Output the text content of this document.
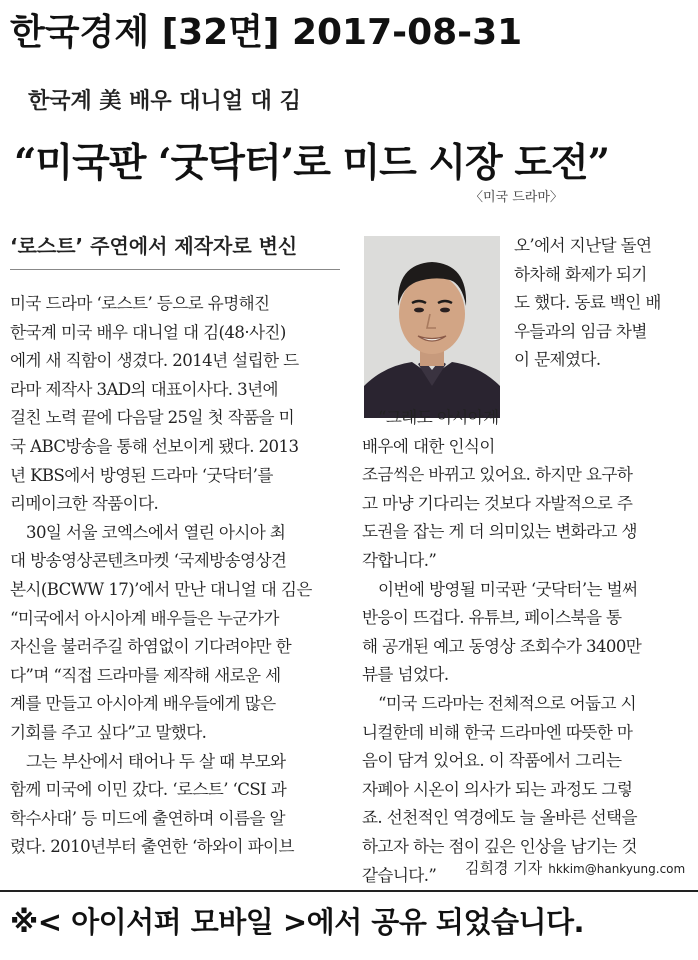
한국경제 [32면] 2017-08-31
한국계 美 배우 대니얼 대 김
“미국판 ‘굿닥터’로 미드 시장 도전”
〈미국 드라마〉
‘로스트’ 주연에서 제작자로 변신
미국 드라마 ‘로스트’ 등으로 유명해진
한국계 미국 배우 대니얼 대 김(48·사진)
에게 새 직함이 생겼다. 2014년 설립한 드
라마 제작사 3AD의 대표이사다. 3년에
걸친 노력 끝에 다음달 25일 첫 작품을 미
국 ABC방송을 통해 선보이게 됐다. 2013
년 KBS에서 방영된 드라마 ‘굿닥터’를
리메이크한 작품이다.
　30일 서울 코엑스에서 열린 아시아 최
대 방송영상콘텐츠마켓 ‘국제방송영상견
본시(BCWW 17)’에서 만난 대니얼 대 김은
“미국에서 아시아계 배우들은 누군가가
자신을 불러주길 하염없이 기다려야만 한
다”며 “직접 드라마를 제작해 새로운 세
계를 만들고 아시아계 배우들에게 많은
기회를 주고 싶다”고 말했다.
　그는 부산에서 태어나 두 살 때 부모와
함께 미국에 이민 갔다. ‘로스트’ ‘CSI 과
학수사대’ 등 미드에 출연하며 이름을 알
렸다. 2010년부터 출연한 ‘하와이 파이브
오’에서 지난달 돌연
하차해 화제가 되기
도 했다. 동료 백인 배
우들과의 임금 차별
이 문제였다.
　“그래도 아시아계
배우에 대한 인식이
조금씩은 바뀌고 있어요. 하지만 요구하
고 마냥 기다리는 것보다 자발적으로 주
도권을 잡는 게 더 의미있는 변화라고 생
각합니다.”
　이번에 방영될 미국판 ‘굿닥터’는 벌써
반응이 뜨겁다. 유튜브, 페이스북을 통
해 공개된 예고 동영상 조회수가 3400만
뷰를 넘었다.
　“미국 드라마는 전체적으로 어둡고 시
니컬한데 비해 한국 드라마엔 따뜻한 마
음이 담겨 있어요. 이 작품에서 그리는
자폐아 시온이 의사가 되는 과정도 그렇
죠. 선천적인 역경에도 늘 올바른 선택을
하고자 하는 점이 깊은 인상을 남기는 것
같습니다.”	김희경 기자 hkkim@hankyung.com
※< 아이서퍼 모바일 >에서 공유 되었습니다.
